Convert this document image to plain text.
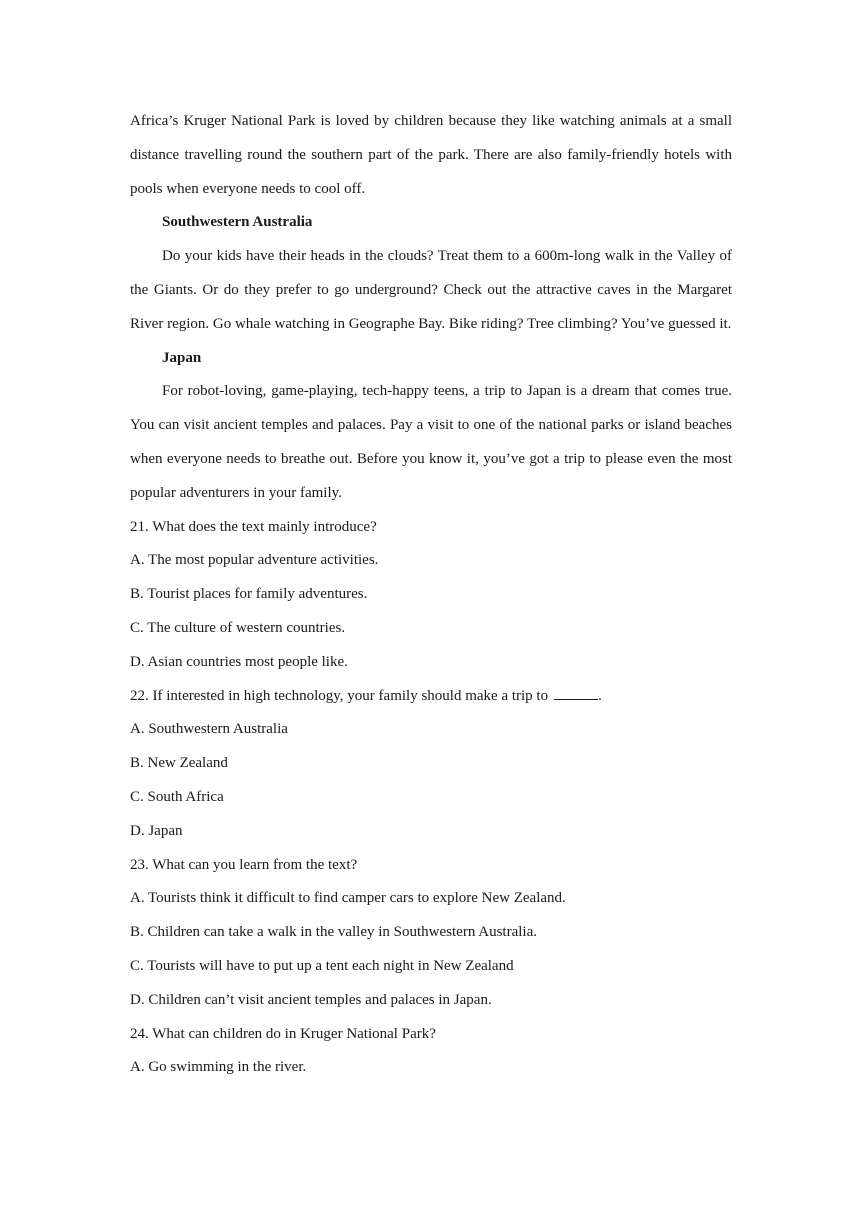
Africa’s Kruger National Park is loved by children because they like watching animals at a small distance travelling round the southern part of the park. There are also family-friendly hotels with pools when everyone needs to cool off.

Southwestern Australia

Do your kids have their heads in the clouds? Treat them to a 600m-long walk in the Valley of the Giants. Or do they prefer to go underground? Check out the attractive caves in the Margaret River region. Go whale watching in Geographe Bay. Bike riding? Tree climbing? You’ve guessed it.

Japan

For robot-loving, game-playing, tech-happy teens, a trip to Japan is a dream that comes true. You can visit ancient temples and palaces. Pay a visit to one of the national parks or island beaches when everyone needs to breathe out. Before you know it, you’ve got a trip to please even the most popular adventurers in your family.

21. What does the text mainly introduce?

A. The most popular adventure activities.

B. Tourist places for family adventures.

C. The culture of western countries.

D. Asian countries most people like.

22. If interested in high technology, your family should make a trip to	.

A. Southwestern Australia

B. New Zealand

C. South Africa

D. Japan

23. What can you learn from the text?

A. Tourists think it difficult to find camper cars to explore New Zealand.

B. Children can take a walk in the valley in Southwestern Australia.

C. Tourists will have to put up a tent each night in New Zealand

D. Children can’t visit ancient temples and palaces in Japan.

24. What can children do in Kruger National Park?

A. Go swimming in the river.
